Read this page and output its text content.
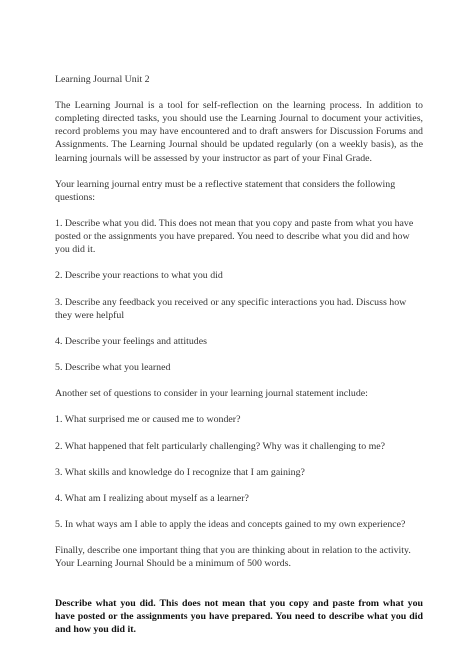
Learning Journal Unit 2

The Learning Journal is a tool for self-reflection on the learning process. In addition to completing directed tasks, you should use the Learning Journal to document your activities, record problems you may have encountered and to draft answers for Discussion Forums and Assignments. The Learning Journal should be updated regularly (on a weekly basis), as the learning journals will be assessed by your instructor as part of your Final Grade.

Your learning journal entry must be a reflective statement that considers the following questions:

1. Describe what you did. This does not mean that you copy and paste from what you have posted or the assignments you have prepared. You need to describe what you did and how you did it.

2. Describe your reactions to what you did

3. Describe any feedback you received or any specific interactions you had. Discuss how they were helpful

4. Describe your feelings and attitudes

5. Describe what you learned

Another set of questions to consider in your learning journal statement include:

1. What surprised me or caused me to wonder?

2. What happened that felt particularly challenging? Why was it challenging to me?

3. What skills and knowledge do I recognize that I am gaining?

4. What am I realizing about myself as a learner?

5. In what ways am I able to apply the ideas and concepts gained to my own experience?

Finally, describe one important thing that you are thinking about in relation to the activity. Your Learning Journal Should be a minimum of 500 words.

Describe what you did. This does not mean that you copy and paste from what you have posted or the assignments you have prepared. You need to describe what you did and how you did it.
